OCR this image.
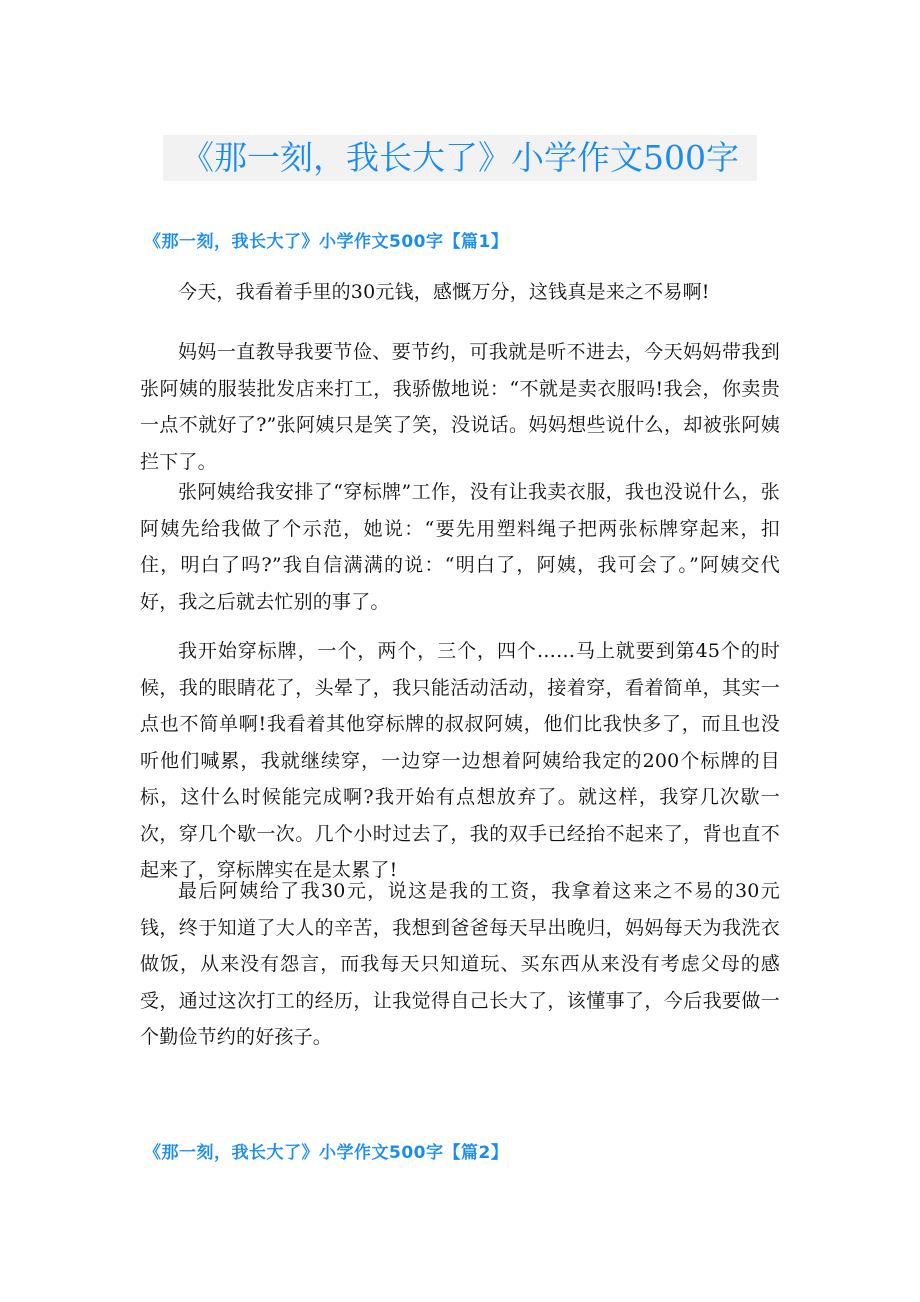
《那一刻，我长大了》小学作文500字
《那一刻，我长大了》小学作文500字【篇1】
今天，我看着手里的30元钱，感慨万分，这钱真是来之不易啊!
妈妈一直教导我要节俭、要节约，可我就是听不进去，今天妈妈带我到张阿姨的服装批发店来打工，我骄傲地说：“不就是卖衣服吗!我会，你卖贵一点不就好了?”张阿姨只是笑了笑，没说话。妈妈想些说什么，却被张阿姨拦下了。
张阿姨给我安排了“穿标牌”工作，没有让我卖衣服，我也没说什么，张阿姨先给我做了个示范，她说：“要先用塑料绳子把两张标牌穿起来，扣住，明白了吗?”我自信满满的说：“明白了，阿姨，我可会了。”阿姨交代好，我之后就去忙别的事了。
我开始穿标牌，一个，两个，三个，四个……马上就要到第45个的时候，我的眼睛花了，头晕了，我只能活动活动，接着穿，看着简单，其实一点也不简单啊!我看着其他穿标牌的叔叔阿姨，他们比我快多了，而且也没听他们喊累，我就继续穿，一边穿一边想着阿姨给我定的200个标牌的目标，这什么时候能完成啊?我开始有点想放弃了。就这样，我穿几次歇一次，穿几个歇一次。几个小时过去了，我的双手已经抬不起来了，背也直不起来了，穿标牌实在是太累了!
最后阿姨给了我30元，说这是我的工资，我拿着这来之不易的30元钱，终于知道了大人的辛苦，我想到爸爸每天早出晚归，妈妈每天为我洗衣做饭，从来没有怨言，而我每天只知道玩、买东西从来没有考虑父母的感受，通过这次打工的经历，让我觉得自己长大了，该懂事了，今后我要做一个勤俭节约的好孩子。
《那一刻，我长大了》小学作文500字【篇2】
